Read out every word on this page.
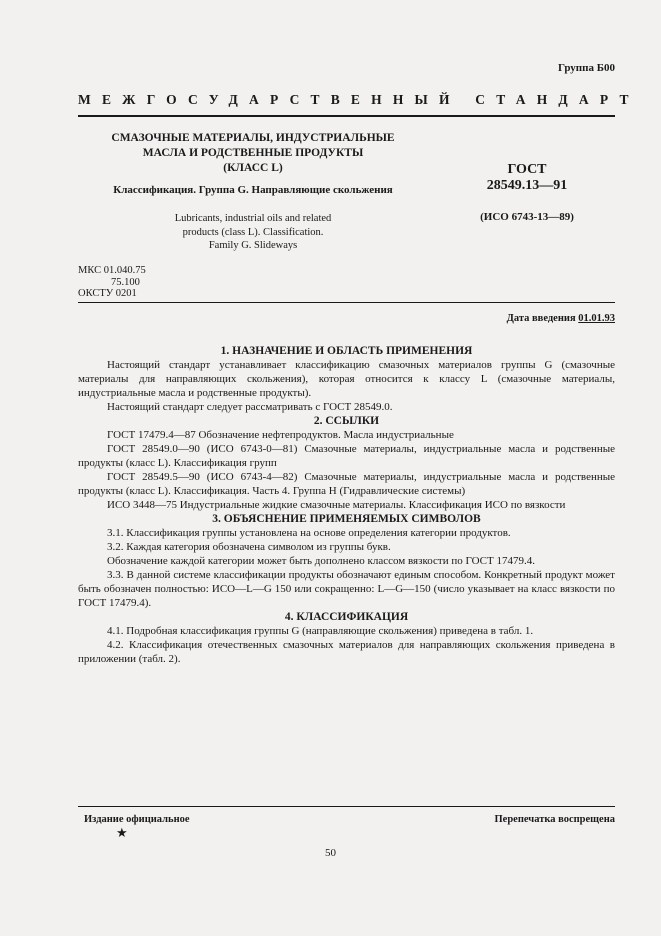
Группа Б00
МЕЖГОСУДАРСТВЕННЫЙ СТАНДАРТ
СМАЗОЧНЫЕ МАТЕРИАЛЫ, ИНДУСТРИАЛЬНЫЕ
МАСЛА И РОДСТВЕННЫЕ ПРОДУКТЫ
(КЛАСС L)
Классификация. Группа G. Направляющие скольжения
Lubricants, industrial oils and related
products (class L). Classification.
Family G. Slideways
ГОСТ
28549.13—91
(ИСО 6743-13—89)
МКС 01.040.75
75.100
ОКСТУ 0201
Дата введения 01.01.93
1. НАЗНАЧЕНИЕ И ОБЛАСТЬ ПРИМЕНЕНИЯ

Настоящий стандарт устанавливает классификацию смазочных материалов группы G (смазочные материалы для направляющих скольжения), которая относится к классу L (смазочные материалы, индустриальные масла и родственные продукты).

Настоящий стандарт следует рассматривать с ГОСТ 28549.0.

2. ССЫЛКИ

ГОСТ 17479.4—87 Обозначение нефтепродуктов. Масла индустриальные

ГОСТ 28549.0—90 (ИСО 6743-0—81) Смазочные материалы, индустриальные масла и родственные продукты (класс L). Классификация групп

ГОСТ 28549.5—90 (ИСО 6743-4—82) Смазочные материалы, индустриальные масла и родственные продукты (класс L). Классификация. Часть 4. Группа Н (Гидравлические системы)

ИСО 3448—75 Индустриальные жидкие смазочные материалы. Классификация ИСО по вязкости

3. ОБЪЯСНЕНИЕ ПРИМЕНЯЕМЫХ СИМВОЛОВ

3.1. Классификация группы установлена на основе определения категории продуктов.

3.2. Каждая категория обозначена символом из группы букв.

Обозначение каждой категории может быть дополнено классом вязкости по ГОСТ 17479.4.

3.3. В данной системе классификации продукты обозначают единым способом. Конкретный продукт может быть обозначен полностью: ИСО—L—G 150 или сокращенно: L—G—150 (число указывает на класс вязкости по ГОСТ 17479.4).

4. КЛАССИФИКАЦИЯ

4.1. Подробная классификация группы G (направляющие скольжения) приведена в табл. 1.

4.2. Классификация отечественных смазочных материалов для направляющих скольжения приведена в приложении (табл. 2).

Издание официальное
★
Перепечатка воспрещена
50
